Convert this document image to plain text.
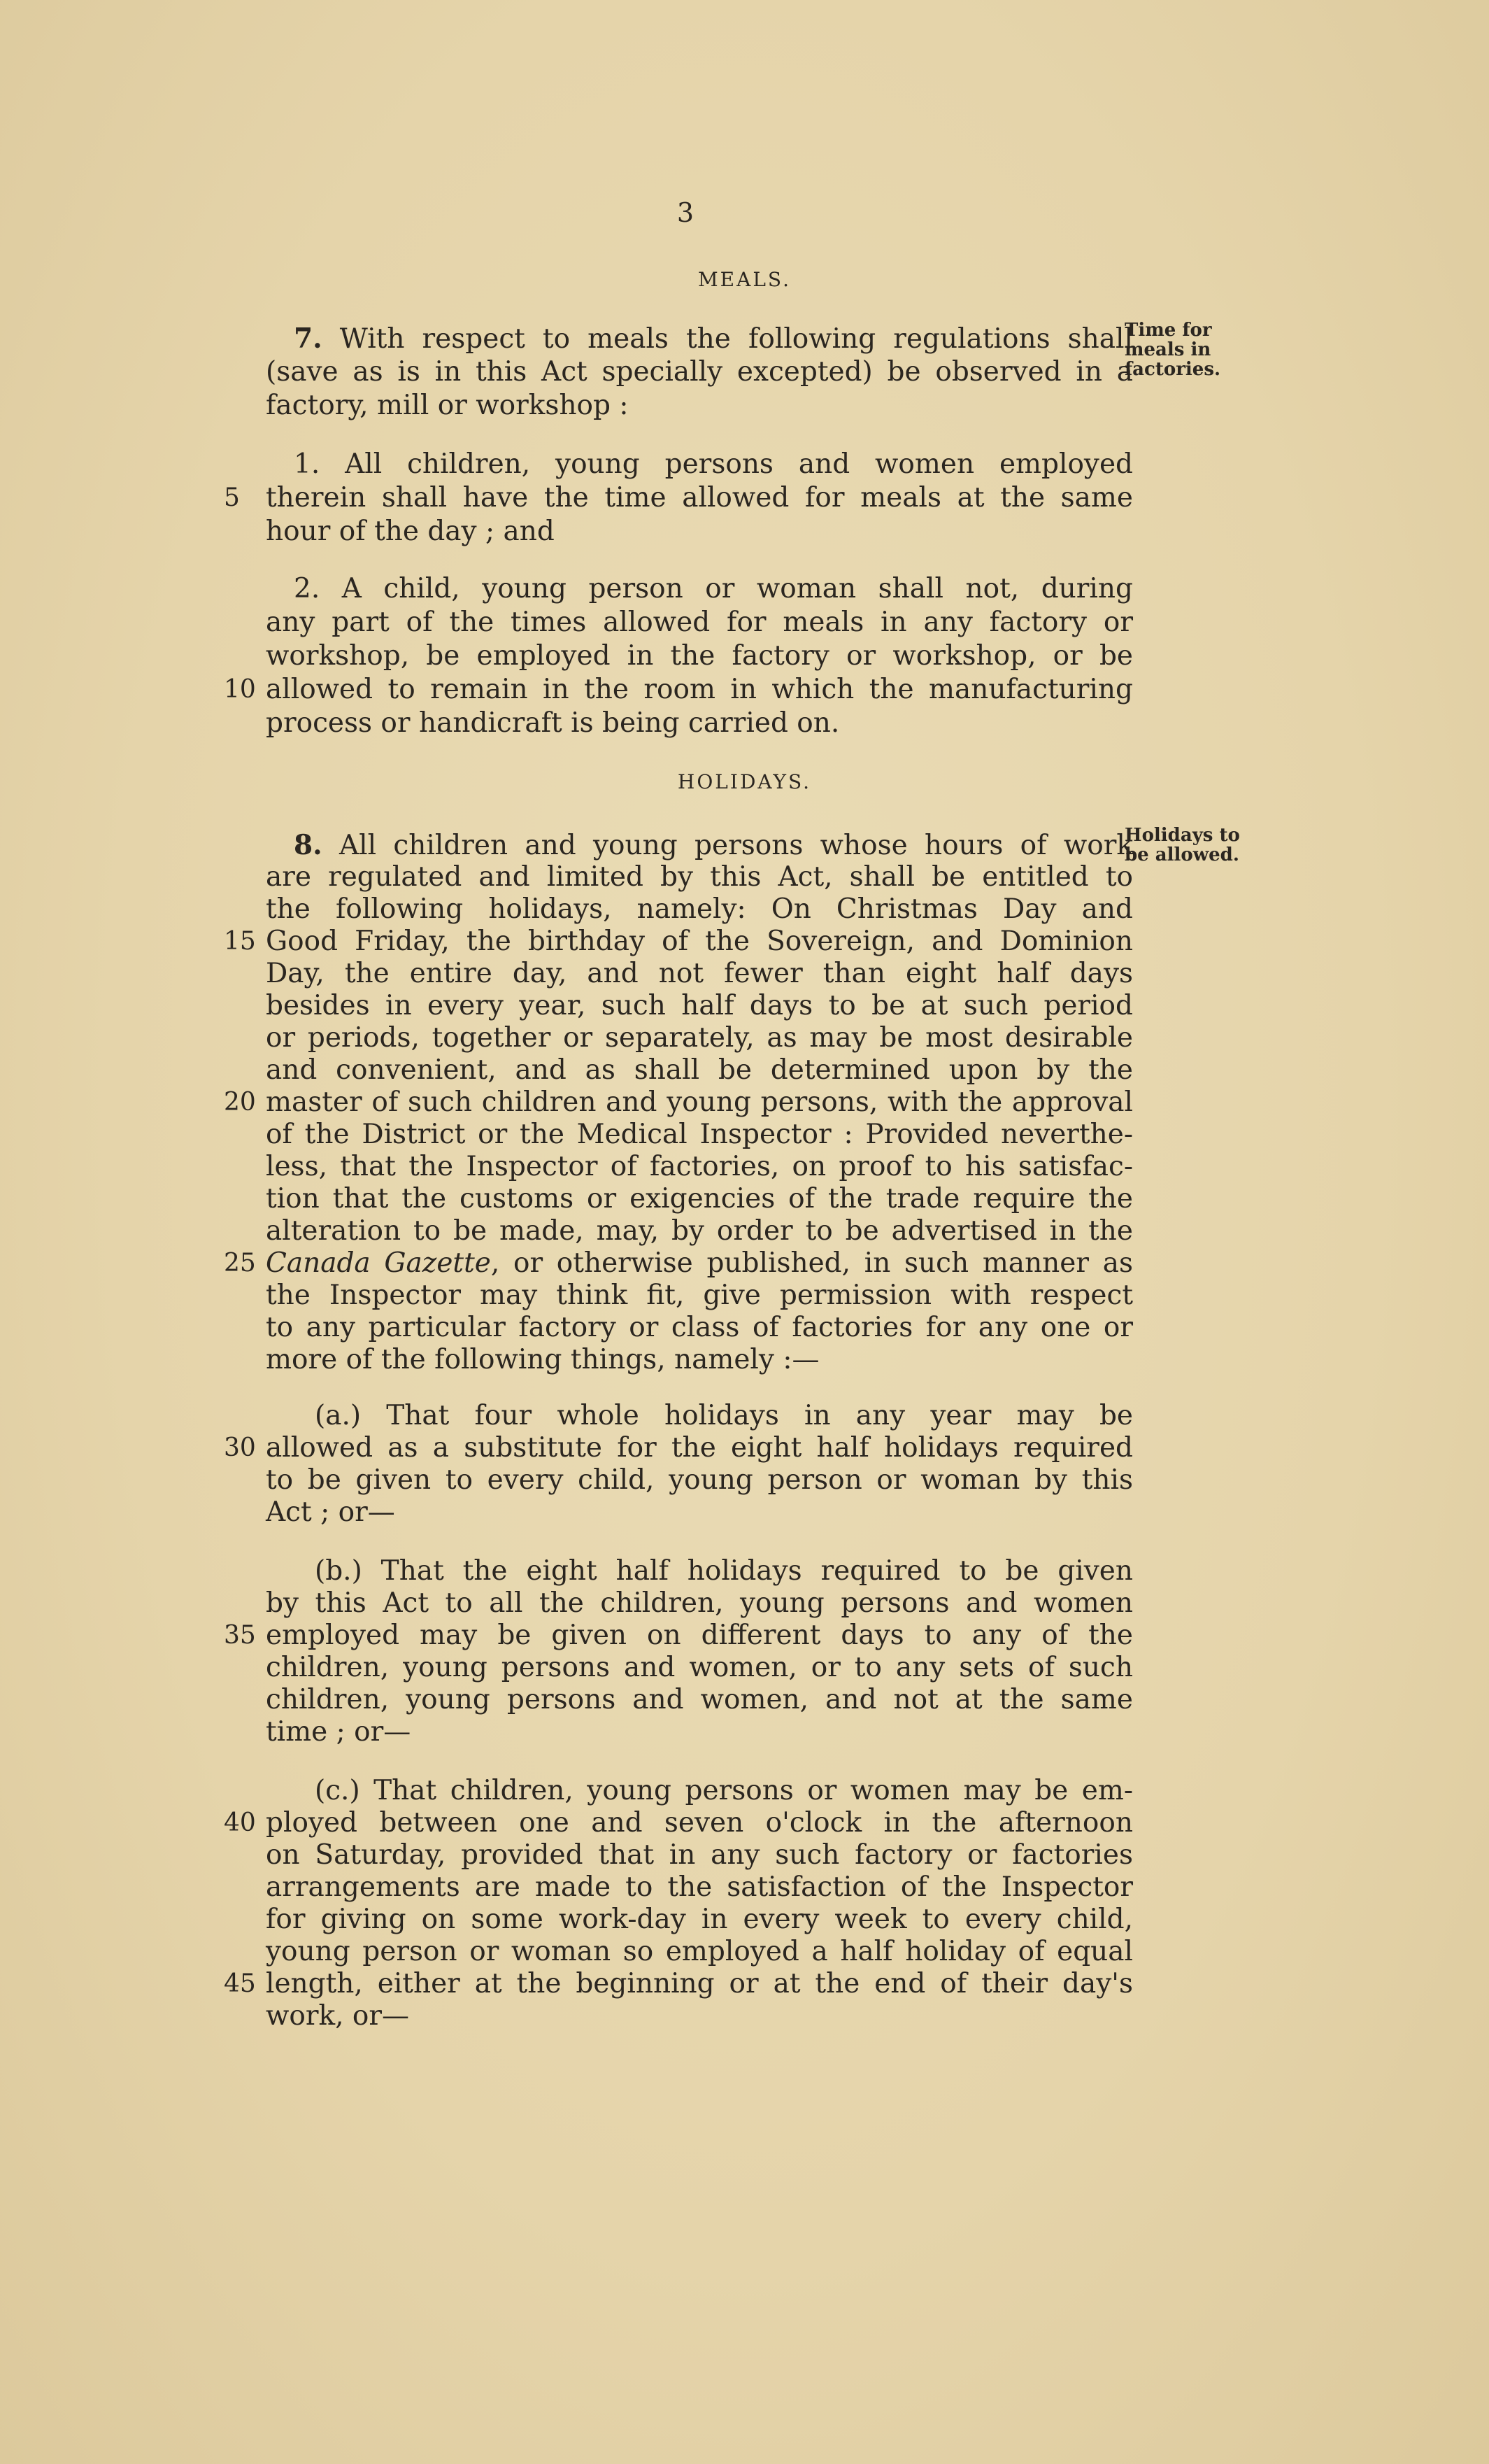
3
MEALS.
Time for
meals in
factories.
7. With respect to meals the following regulations shall
(save as is in this Act specially excepted) be observed in a
factory, mill or workshop :
1. All children, young persons and women employed
5 therein shall have the time allowed for meals at the same
hour of the day ; and
2. A child, young person or woman shall not, during
any part of the times allowed for meals in any factory or
workshop, be employed in the factory or workshop, or be
10 allowed to remain in the room in which the manufacturing
process or handicraft is being carried on.
HOLIDAYS.
Holidays to
be allowed.
8. All children and young persons whose hours of work
are regulated and limited by this Act, shall be entitled to
the following holidays, namely: On Christmas Day and
15 Good Friday, the birthday of the Sovereign, and Dominion
Day, the entire day, and not fewer than eight half days
besides in every year, such half days to be at such period
or periods, together or separately, as may be most desirable
and convenient, and as shall be determined upon by the
20 master of such children and young persons, with the approval
of the District or the Medical Inspector : Provided neverthe-
less, that the Inspector of factories, on proof to his satisfac-
tion that the customs or exigencies of the trade require the
alteration to be made, may, by order to be advertised in the
25 Canada Gazette, or otherwise published, in such manner as
the Inspector may think fit, give permission with respect
to any particular factory or class of factories for any one or
more of the following things, namely :—
(a.) That four whole holidays in any year may be
30 allowed as a substitute for the eight half holidays required
to be given to every child, young person or woman by this
Act ; or—
(b.) That the eight half holidays required to be given
by this Act to all the children, young persons and women
35 employed may be given on different days to any of the
children, young persons and women, or to any sets of such
children, young persons and women, and not at the same
time ; or—
(c.) That children, young persons or women may be em-
40 ployed between one and seven o'clock in the afternoon
on Saturday, provided that in any such factory or factories
arrangements are made to the satisfaction of the Inspector
for giving on some work-day in every week to every child,
young person or woman so employed a half holiday of equal
45 length, either at the beginning or at the end of their day's
work, or—
